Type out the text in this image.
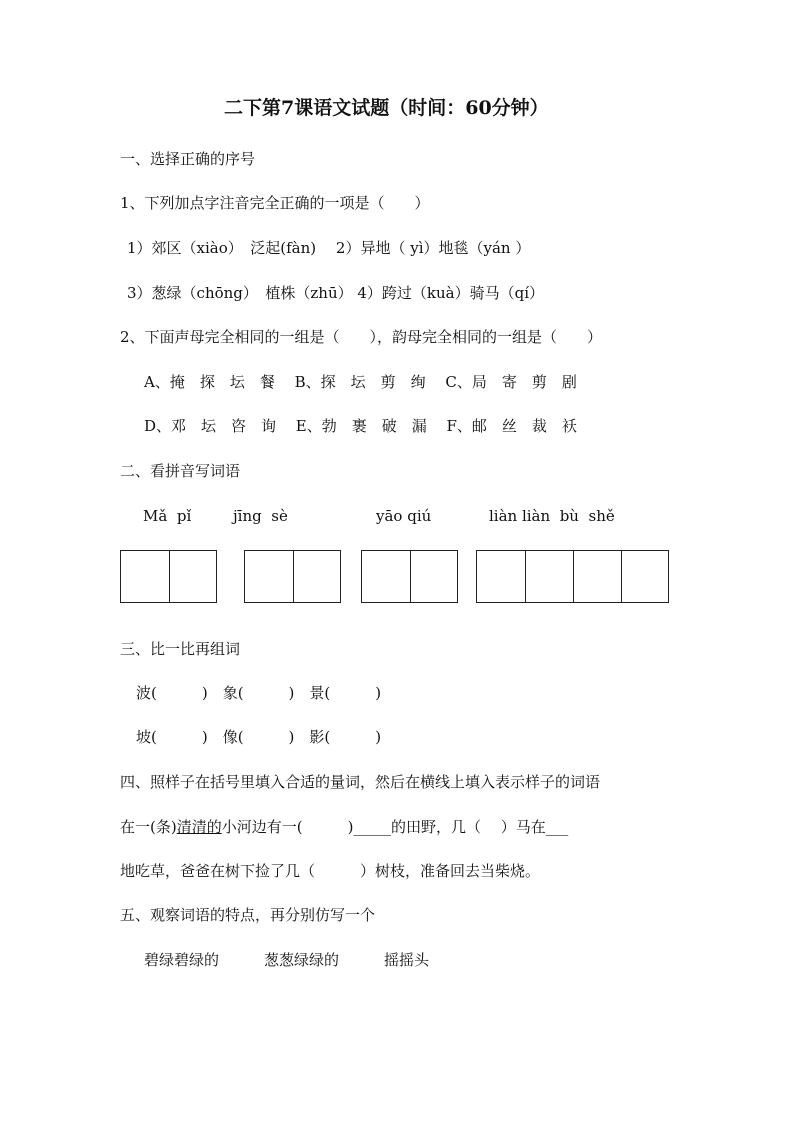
二下第7课语文试题（时间：60分钟）
一、选择正确的序号
1、下列加点字注音完全正确的一项是（　　）
1）郊区（xiào）　泛起(fàn)　 2）异地（ yì）地毯（yán ）
3）葱绿（chōng）　植株（zhū） 4）跨过（kuà）骑马（qí）
2、下面声母完全相同的一组是（　　），韵母完全相同的一组是（　　）
A、掩　探　坛　餐　 B、探　坛　剪　绚　 C、局　寄　剪　剧
D、邓　坛　咨　询　 E、勃　裹　破　漏　 F、邮　丝　裁　袄
二、看拼音写词语
Mǎ  pǐ	jīng  sè	yāo qiú	liàn liàn  bù  shě
三、比一比再组词
波(　　　)　象(　　　)　景(　　　)
坡(　　　)　像(　　　)　影(　　　)
四、照样子在括号里填入合适的量词，然后在横线上填入表示样子的词语
在一(条)清清的小河边有一(　　　)_____的田野，几（　 ）马在___
地吃草，爸爸在树下捡了几（　　　）树枝，准备回去当柴烧。
五、观察词语的特点，再分别仿写一个
碧绿碧绿的	葱葱绿绿的	摇摇头
